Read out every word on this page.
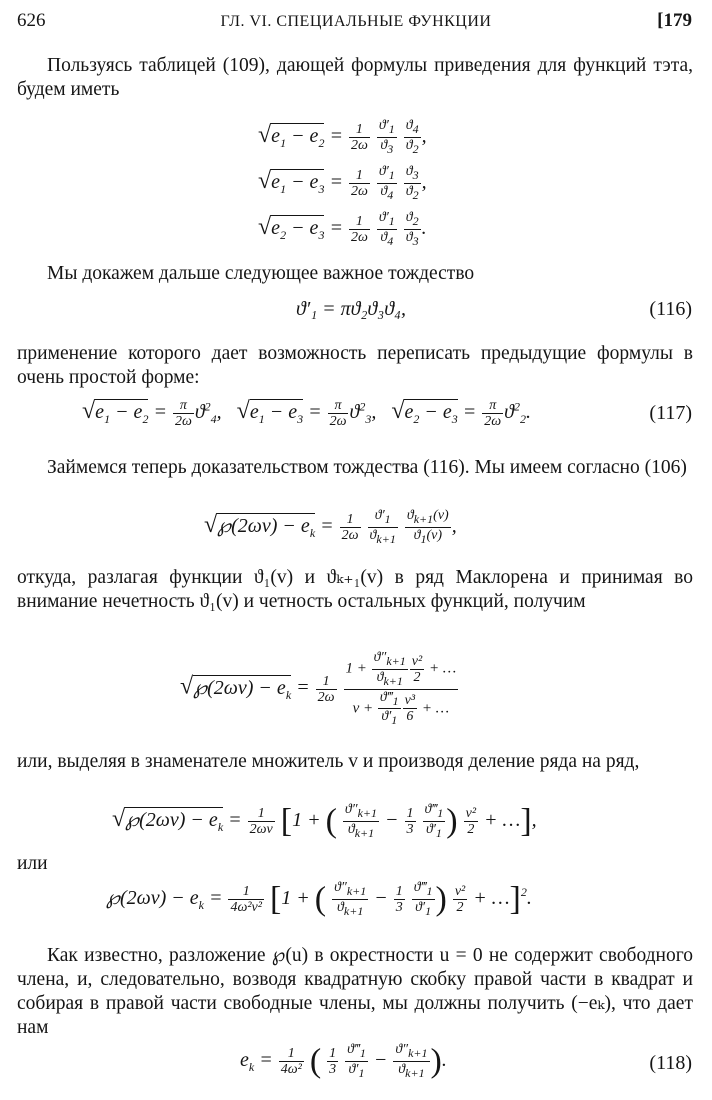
626	ГЛ. VI. СПЕЦИАЛЬНЫЕ ФУНКЦИИ	[179
Пользуясь таблицей (109), дающей формулы приведения для функций тэта, будем иметь
$√e_1 - e_2 = \frac{1}{2\omega}$
$\frac{ϑ'_1}{ϑ_3}$
$\frac{ϑ_4}{ϑ_2}$ ,
$√e_1 - e_3 = \frac{1}{2\omega}$
$\frac{ϑ'_1}{ϑ_4}$
$\frac{ϑ_3}{ϑ_2}$ ,
$√e_2 - e_3 = \frac{1}{2\omega}$
$\frac{ϑ'_1}{ϑ_4}$
$\frac{ϑ_2}{ϑ_3}$ .
Мы докажем дальше следующее важное тождество
ϑ′₁ = πϑ₂ϑ₃ϑ₄,	(116)
применение которого дает возможность переписать предыдущие формулы в очень простой форме:
$√e_1 - e_2 = \frac{\pi}{2\omega} ϑ^2_4$,   $√e_1 - e_3 = \frac{\pi}{2\omega} ϑ^2_3$,   $√e_2 - e_3 = \frac{\pi}{2\omega} ϑ^2_2$.	(117)
Займемся теперь доказательством тождества (116). Мы имеем согласно (106)
√℘(2ωv) − $e_k = \frac{1}{2\omega}$
$\frac{ϑ'_1}{ϑ_{k+1}}$
$\frac{ϑ_{k+1}(v)}{ϑ_1(v)}$ ,
откуда, разлагая функции ϑ₁(v) и ϑₖ₊₁(v) в ряд Маклорена и принимая во внимание нечетность ϑ₁(v) и четность остальных функций, получим
√℘(2ωv) − $e_k = \frac{1}{2\omega}$
$\frac{1 + \frac{ϑ''_{k+1}}{ϑ_{k+1}} \frac{\text{v²}}{2} + \dots}{v + \frac{ϑ‴_1}{ϑ'_1} \frac{\text{v³}}{6} + \dots}$
или, выделяя в знаменателе множитель v и производя деление ряда на ряд,
√℘(2ωv) − $e_k = \frac{1}{2\omega v} [1$ + ( $\frac{ϑ''_{k+1}}{ϑ_{k+1}} - \frac{1}{3}$
$\frac{ϑ‴_1}{ϑ'_1}$ ) $\frac{\text{v²}}{2}$ + …],
или
℘(2ωv) − $e_k = \frac{1}{\text{4ω²v²}} [1$ + ( $\frac{ϑ''_{k+1}}{ϑ_{k+1}} - \frac{1}{3}$
$\frac{ϑ‴_1}{ϑ'_1}$ ) $\frac{\text{v²}}{2}$ + …]$^2$.
Как известно, разложение ℘(u) в окрестности u = 0 не содержит свободного члена, и, следовательно, возводя квадратную скобку правой части в квадрат и собирая в правой части свободные члены, мы должны получить (−eₖ), что дает нам
$e_k = \frac{1}{\text{4ω²}}$ ( $\frac{1}{3}$
$\frac{ϑ‴_1}{ϑ'_1} - \frac{ϑ''_{k+1}}{ϑ_{k+1}}$ ).	(118)
